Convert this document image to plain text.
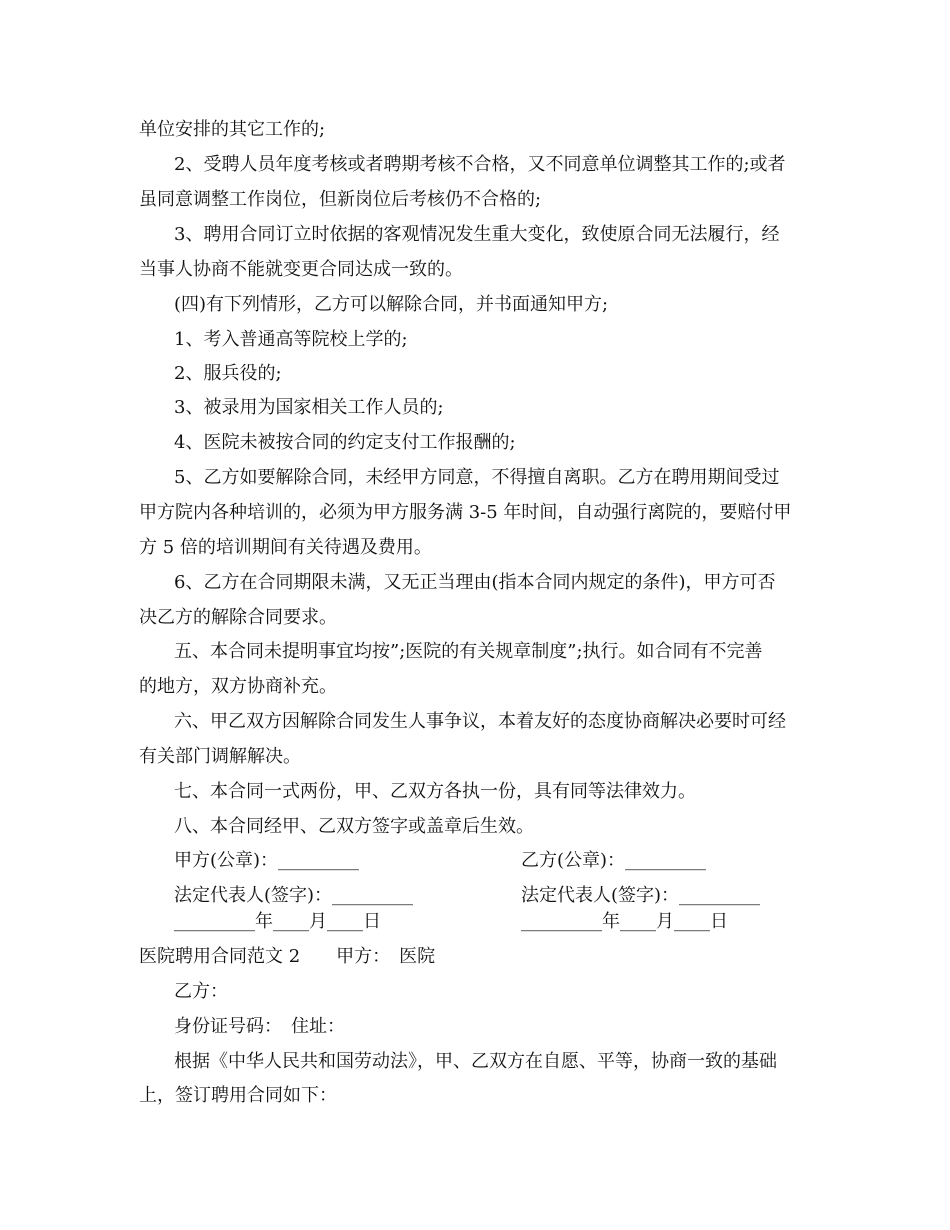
单位安排的其它工作的;
2、受聘人员年度考核或者聘期考核不合格，又不同意单位调整其工作的;或者
虽同意调整工作岗位，但新岗位后考核仍不合格的;
3、聘用合同订立时依据的客观情况发生重大变化，致使原合同无法履行，经
当事人协商不能就变更合同达成一致的。
(四)有下列情形，乙方可以解除合同，并书面通知甲方;
1、考入普通高等院校上学的;
2、服兵役的;
3、被录用为国家相关工作人员的;
4、医院未被按合同的约定支付工作报酬的;
5、乙方如要解除合同，未经甲方同意，不得擅自离职。乙方在聘用期间受过
甲方院内各种培训的，必须为甲方服务满 3-5 年时间，自动强行离院的，要赔付甲
方 5 倍的培训期间有关待遇及费用。
6、乙方在合同期限未满，又无正当理由(指本合同内规定的条件)，甲方可否
决乙方的解除合同要求。
五、本合同未提明事宜均按”;医院的有关规章制度”;执行。如合同有不完善
的地方，双方协商补充。
六、甲乙双方因解除合同发生人事争议，本着友好的态度协商解决必要时可经
有关部门调解解决。
七、本合同一式两份，甲、乙双方各执一份，具有同等法律效力。
八、本合同经甲、乙双方签字或盖章后生效。
甲方(公章)：_________	乙方(公章)：_________
法定代表人(签字)：_________	法定代表人(签字)：_________
_________年____月____日	_________年____月____日
医院聘用合同范文 2　　甲方：　医院
乙方：
身份证号码：　住址：
根据《中华人民共和国劳动法》，甲、乙双方在自愿、平等，协商一致的基础
上，签订聘用合同如下：
